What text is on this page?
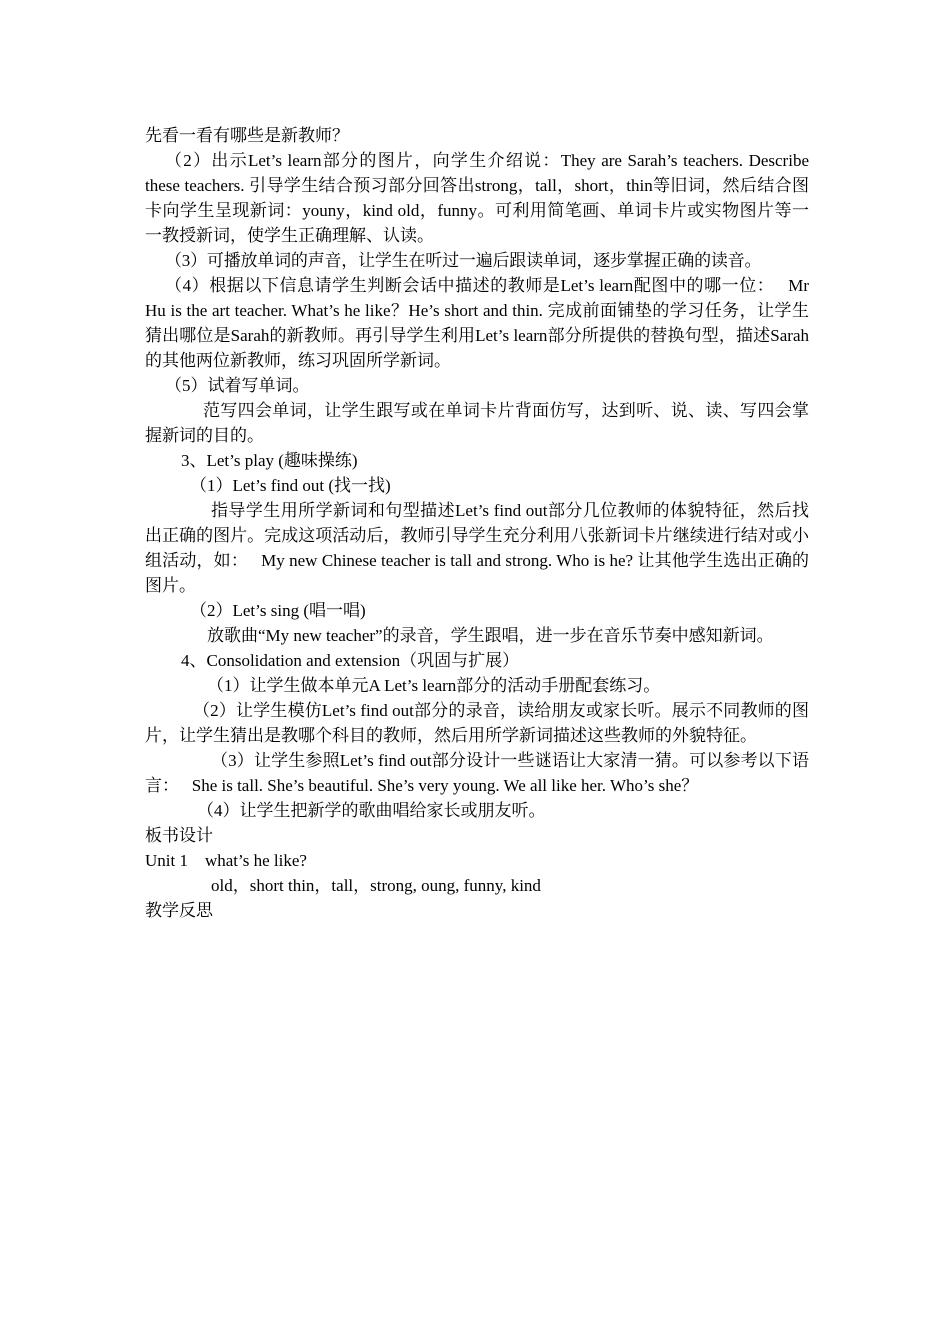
先看一看有哪些是新教师？

（2）出示Let’s learn部分的图片，向学生介绍说：They are Sarah’s teachers. Describe these teachers. 引导学生结合预习部分回答出strong，tall，short，thin等旧词，然后结合图卡向学生呈现新词：youny，kind old，funny。可利用简笔画、单词卡片或实物图片等一一教授新词，使学生正确理解、认读。

（3）可播放单词的声音，让学生在听过一遍后跟读单词，逐步掌握正确的读音。

（4）根据以下信息请学生判断会话中描述的教师是Let’s learn配图中的哪一位：　 Mr Hu is the art teacher. What’s he like？He’s short and thin. 完成前面铺垫的学习任务，让学生猜出哪位是Sarah的新教师。再引导学生利用Let’s learn部分所提供的替换句型，描述Sarah的其他两位新教师，练习巩固所学新词。

（5）试着写单词。

范写四会单词，让学生跟写或在单词卡片背面仿写，达到听、说、读、写四会掌握新词的目的。

3、Let’s play (趣味操练)

（1）Let’s find out (找一找)

指导学生用所学新词和句型描述Let’s find out部分几位教师的体貌特征，然后找出正确的图片。完成这项活动后，教师引导学生充分利用八张新词卡片继续进行结对或小组活动，如：　 My new Chinese teacher is tall and strong. Who is he? 让其他学生选出正确的图片。

（2）Let’s sing (唱一唱)

放歌曲“My new teacher”的录音，学生跟唱，进一步在音乐节奏中感知新词。

4、Consolidation and extension（巩固与扩展）

（1）让学生做本单元A Let’s learn部分的活动手册配套练习。

（2）让学生模仿Let’s find out部分的录音，读给朋友或家长听。展示不同教师的图片，让学生猜出是教哪个科目的教师，然后用所学新词描述这些教师的外貌特征。

（3）让学生参照Let’s find out部分设计一些谜语让大家清一猜。可以参考以下语言：　 She is tall. She’s beautiful. She’s very young. We all like her. Who’s she？

（4）让学生把新学的歌曲唱给家长或朋友听。

板书设计

Unit 1　what’s he like?

old，short thin，tall，strong, oung, funny, kind

教学反思
